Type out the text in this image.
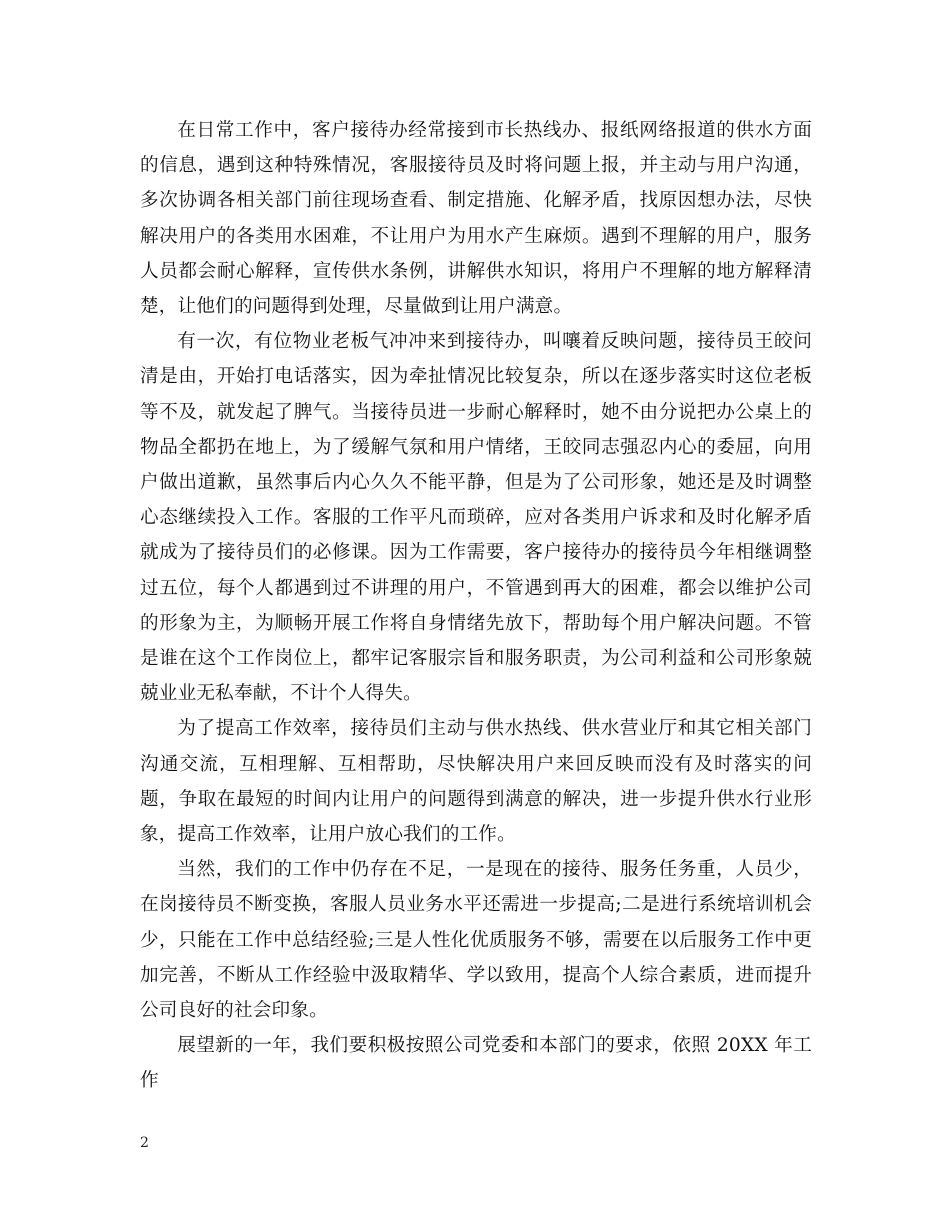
在日常工作中，客户接待办经常接到市长热线办、报纸网络报道的供水方面的信息，遇到这种特殊情况，客服接待员及时将问题上报，并主动与用户沟通，多次协调各相关部门前往现场查看、制定措施、化解矛盾，找原因想办法，尽快解决用户的各类用水困难，不让用户为用水产生麻烦。遇到不理解的用户，服务人员都会耐心解释，宣传供水条例，讲解供水知识，将用户不理解的地方解释清楚，让他们的问题得到处理，尽量做到让用户满意。

有一次，有位物业老板气冲冲来到接待办，叫嚷着反映问题，接待员王皎问清是由，开始打电话落实，因为牵扯情况比较复杂，所以在逐步落实时这位老板等不及，就发起了脾气。当接待员进一步耐心解释时，她不由分说把办公桌上的物品全都扔在地上，为了缓解气氛和用户情绪，王皎同志强忍内心的委屈，向用户做出道歉，虽然事后内心久久不能平静，但是为了公司形象，她还是及时调整心态继续投入工作。客服的工作平凡而琐碎，应对各类用户诉求和及时化解矛盾就成为了接待员们的必修课。因为工作需要，客户接待办的接待员今年相继调整过五位，每个人都遇到过不讲理的用户，不管遇到再大的困难，都会以维护公司的形象为主，为顺畅开展工作将自身情绪先放下，帮助每个用户解决问题。不管是谁在这个工作岗位上，都牢记客服宗旨和服务职责，为公司利益和公司形象兢兢业业无私奉献，不计个人得失。

为了提高工作效率，接待员们主动与供水热线、供水营业厅和其它相关部门沟通交流，互相理解、互相帮助，尽快解决用户来回反映而没有及时落实的问题，争取在最短的时间内让用户的问题得到满意的解决，进一步提升供水行业形象，提高工作效率，让用户放心我们的工作。

当然，我们的工作中仍存在不足，一是现在的接待、服务任务重，人员少，在岗接待员不断变换，客服人员业务水平还需进一步提高;二是进行系统培训机会少，只能在工作中总结经验;三是人性化优质服务不够，需要在以后服务工作中更加完善，不断从工作经验中汲取精华、学以致用，提高个人综合素质，进而提升公司良好的社会印象。

展望新的一年，我们要积极按照公司党委和本部门的要求，依照 20XX 年工作

2
